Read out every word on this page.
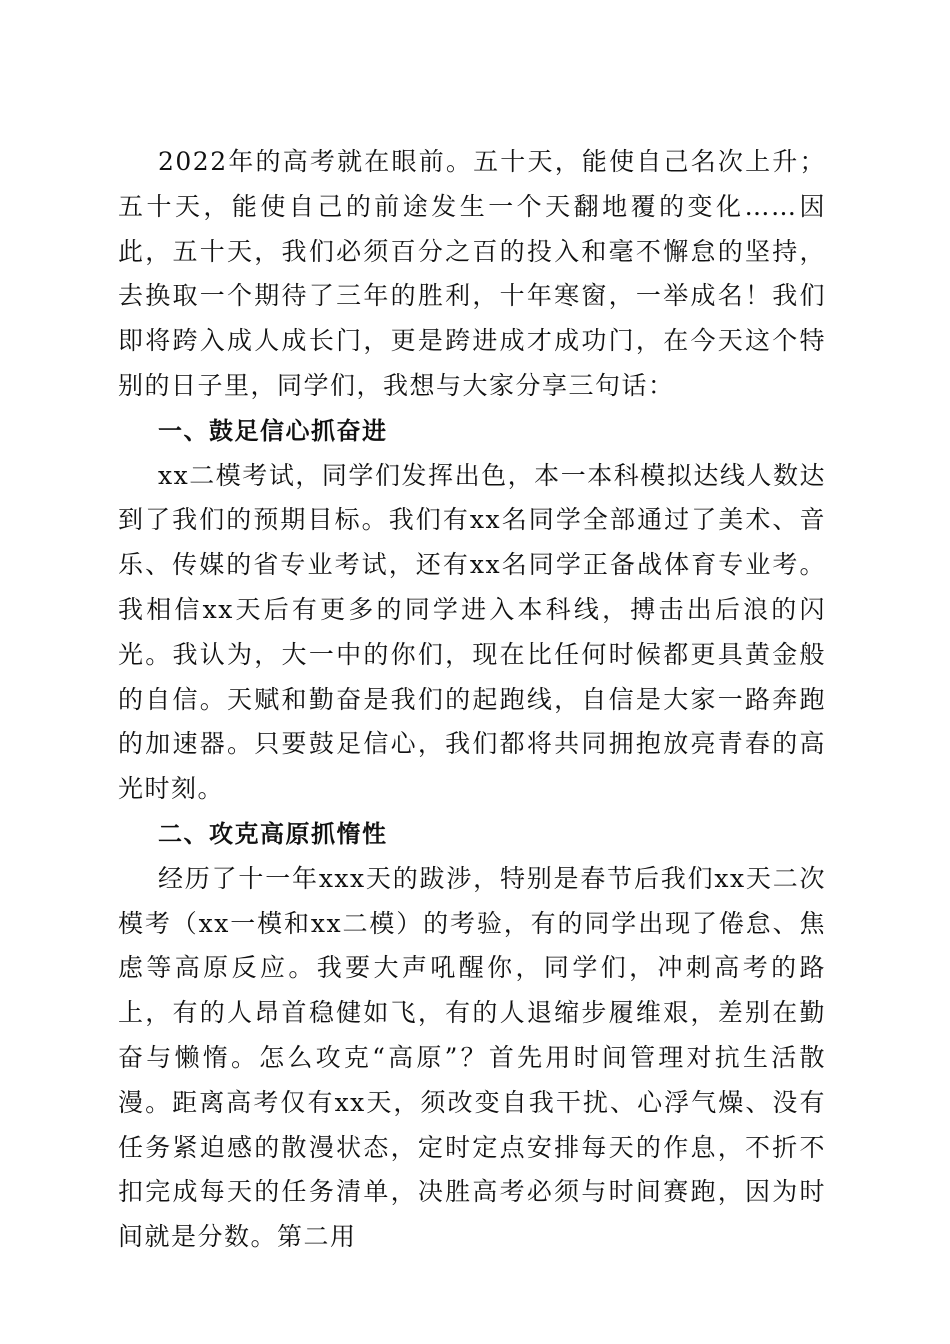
2022年的高考就在眼前。五十天，能使自己名次上升；五十天，能使自己的前途发生一个天翻地覆的变化……因此，五十天，我们必须百分之百的投入和毫不懈怠的坚持，去换取一个期待了三年的胜利，十年寒窗，一举成名！我们即将跨入成人成长门，更是跨进成才成功门，在今天这个特别的日子里，同学们，我想与大家分享三句话：

一、鼓足信心抓奋进

xx二模考试，同学们发挥出色，本一本科模拟达线人数达到了我们的预期目标。我们有xx名同学全部通过了美术、音乐、传媒的省专业考试，还有xx名同学正备战体育专业考。我相信xx天后有更多的同学进入本科线，搏击出后浪的闪光。我认为，大一中的你们，现在比任何时候都更具黄金般的自信。天赋和勤奋是我们的起跑线，自信是大家一路奔跑的加速器。只要鼓足信心，我们都将共同拥抱放亮青春的高光时刻。

二、攻克高原抓惰性

经历了十一年xxx天的跋涉，特别是春节后我们xx天二次模考（xx一模和xx二模）的考验，有的同学出现了倦怠、焦虑等高原反应。我要大声吼醒你，同学们，冲刺高考的路上，有的人昂首稳健如飞，有的人退缩步履维艰，差别在勤奋与懒惰。怎么攻克“高原”？首先用时间管理对抗生活散漫。距离高考仅有xx天，须改变自我干扰、心浮气燥、没有任务紧迫感的散漫状态，定时定点安排每天的作息，不折不扣完成每天的任务清单，决胜高考必须与时间赛跑，因为时间就是分数。第二用
